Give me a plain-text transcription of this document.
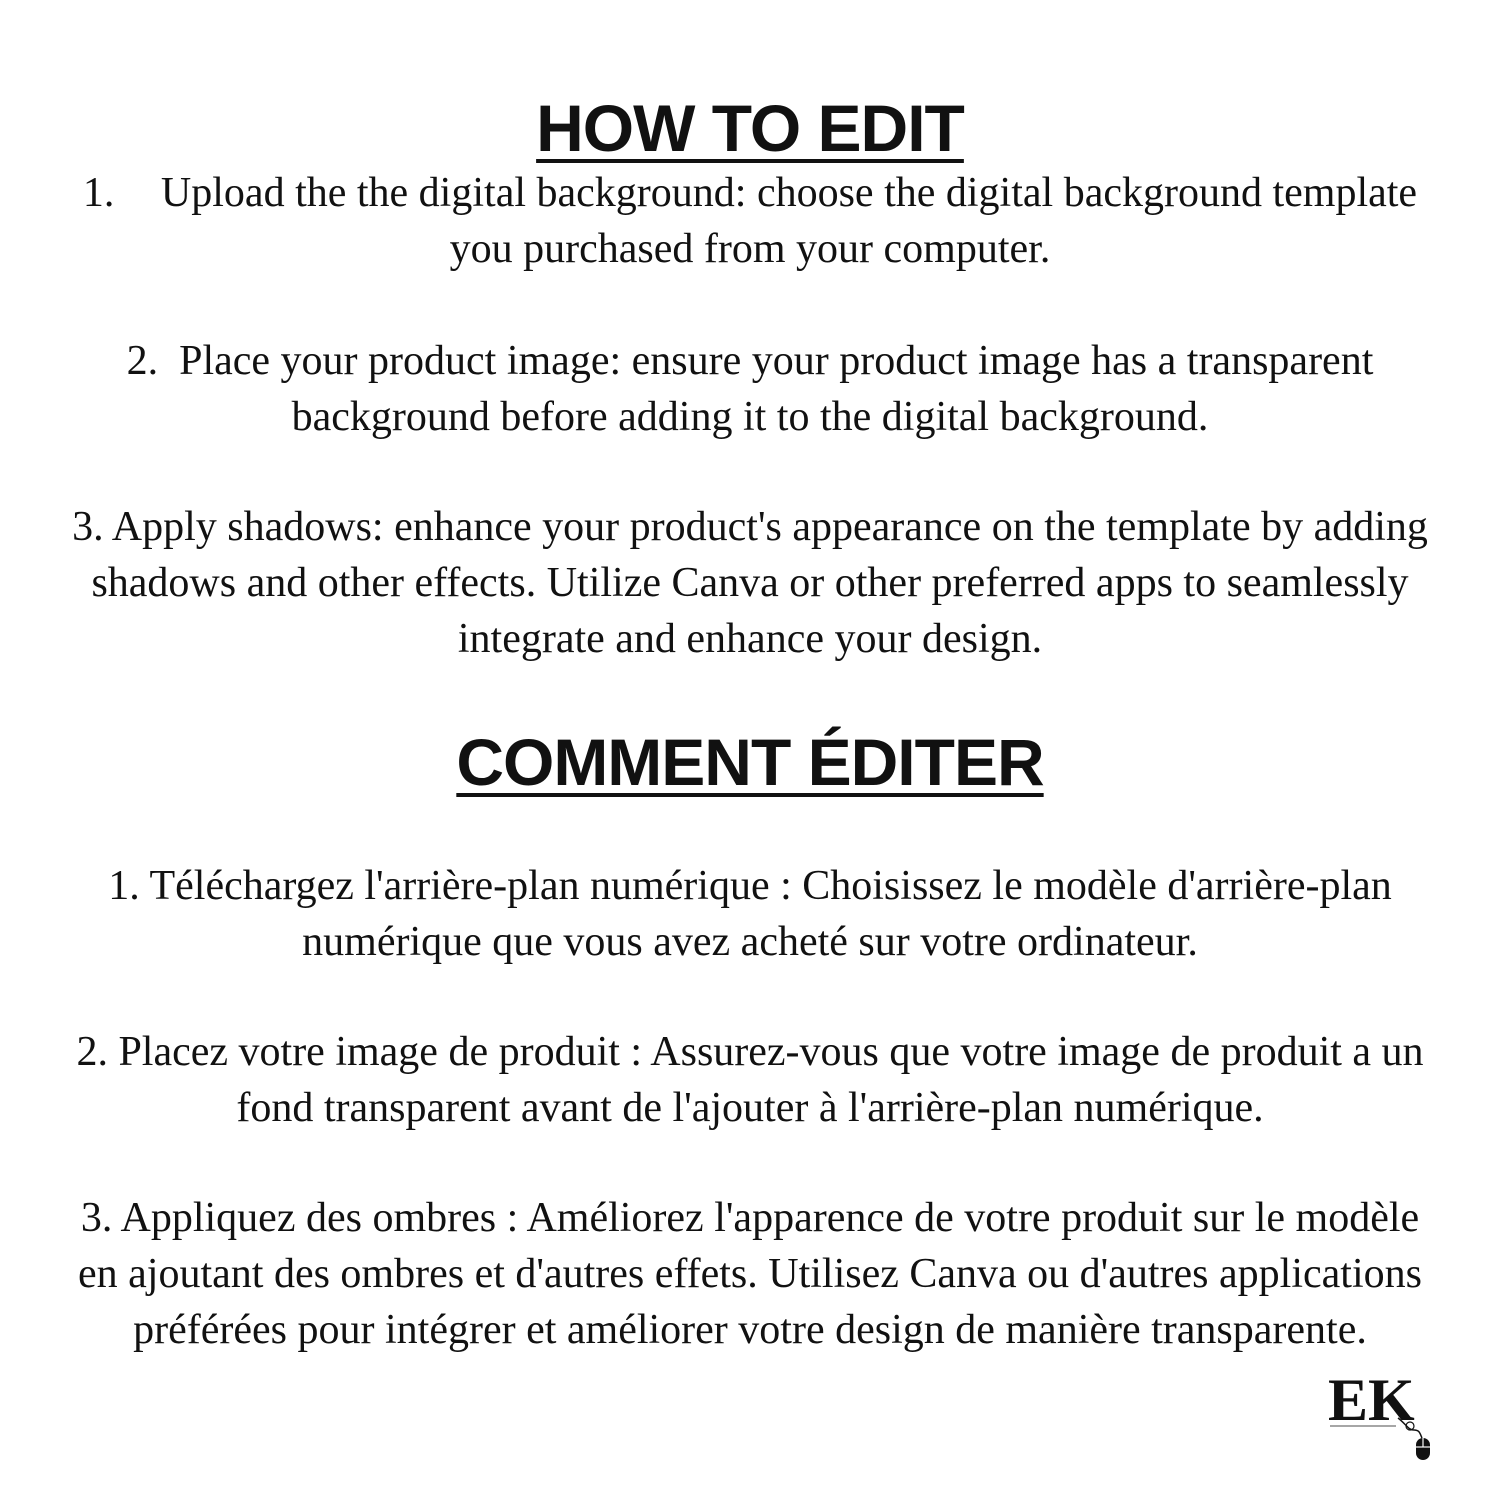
HOW TO EDIT

1. Upload the the digital background: choose the digital background template you purchased from your computer.

2. Place your product image: ensure your product image has a transparent background before adding it to the digital background.

3. Apply shadows: enhance your product's appearance on the template by adding shadows and other effects. Utilize Canva or other preferred apps to seamlessly integrate and enhance your design.

COMMENT ÉDITER

1. Téléchargez l'arrière-plan numérique : Choisissez le modèle d'arrière-plan numérique que vous avez acheté sur votre ordinateur.

2. Placez votre image de produit : Assurez-vous que votre image de produit a un fond transparent avant de l'ajouter à l'arrière-plan numérique.

3. Appliquez des ombres : Améliorez l'apparence de votre produit sur le modèle en ajoutant des ombres et d'autres effets. Utilisez Canva ou d'autres applications préférées pour intégrer et améliorer votre design de manière transparente.

EK
